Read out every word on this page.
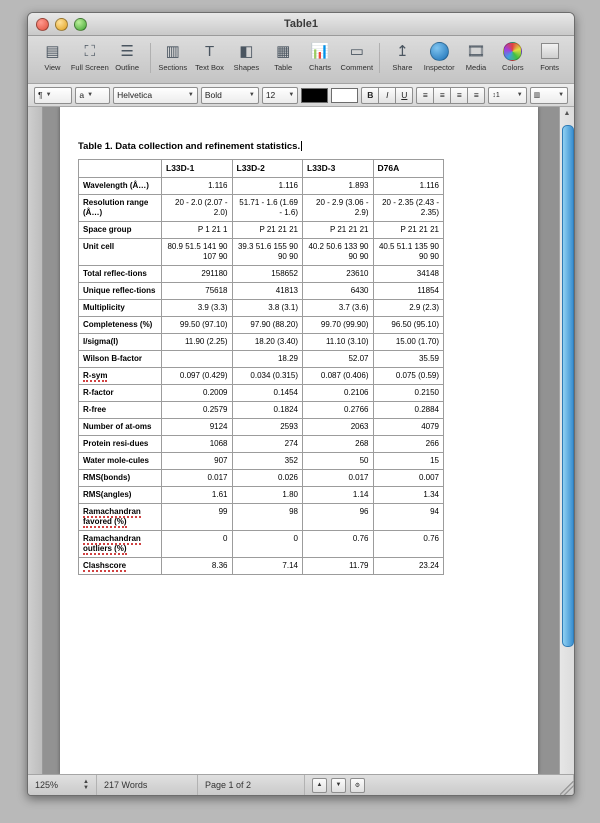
Table1
▤
View
⛶
Full Screen
☰
Outline
▥
Sections
T
Text Box
◧
Shapes
▦
Table
📊
Charts
▭
Comment
↥
Share Inspector
🎞
Media Colors Fonts
¶ ▼	a ▼	Helvetica	▼ Bold	▼ 12 ▼	B	I	U	≡	≡	≡	≡	↕1	▼ ▥	▼
Table 1. Data collection and refinement statistics.
	L33D-1	L33D-2	L33D-3	D76A
Wavelength (Å…)	1.116	1.116	1.893	1.116
Resolution range (Å…)	20 - 2.0 (2.07 - 2.0)	51.71 - 1.6 (1.69 - 1.6)	20 - 2.9 (3.06 - 2.9)	20 - 2.35 (2.43 - 2.35)
Space group	P 1 21 1	P 21 21 21	P 21 21 21	P 21 21 21
Unit cell	80.9 51.5 141 90 107 90	39.3 51.6 155 90 90 90	40.2 50.6 133 90 90 90	40.5 51.1 135 90 90 90
Total reflec-tions	291180	158652	23610	34148
Unique reflec-tions	75618	41813	6430	11854
Multiplicity	3.9 (3.3)	3.8 (3.1)	3.7 (3.6)	2.9 (2.3)
Completeness (%)	99.50 (97.10)	97.90 (88.20)	99.70 (99.90)	96.50 (95.10)
I/sigma(I)	11.90 (2.25)	18.20 (3.40)	11.10 (3.10)	15.00 (1.70)
Wilson B-factor		18.29	52.07	35.59
R-sym	0.097 (0.429)	0.034 (0.315)	0.087 (0.406)	0.075 (0.59)
R-factor	0.2009	0.1454	0.2106	0.2150
R-free	0.2579	0.1824	0.2766	0.2884
Number of at-oms	9124	2593	2063	4079
Protein resi-dues	1068	274	268	266
Water mole-cules	907	352	50	15
RMS(bonds)	0.017	0.026	0.017	0.007
RMS(angles)	1.61	1.80	1.14	1.34
Ramachandran favored (%)	99	98	96	94
Ramachandran outliers (%)	0	0	0.76	0.76
Clashscore	8.36	7.14	11.79	23.24
▲
125%	▲
▼ 217 Words	Page 1 of 2	▲	▼	⚙
